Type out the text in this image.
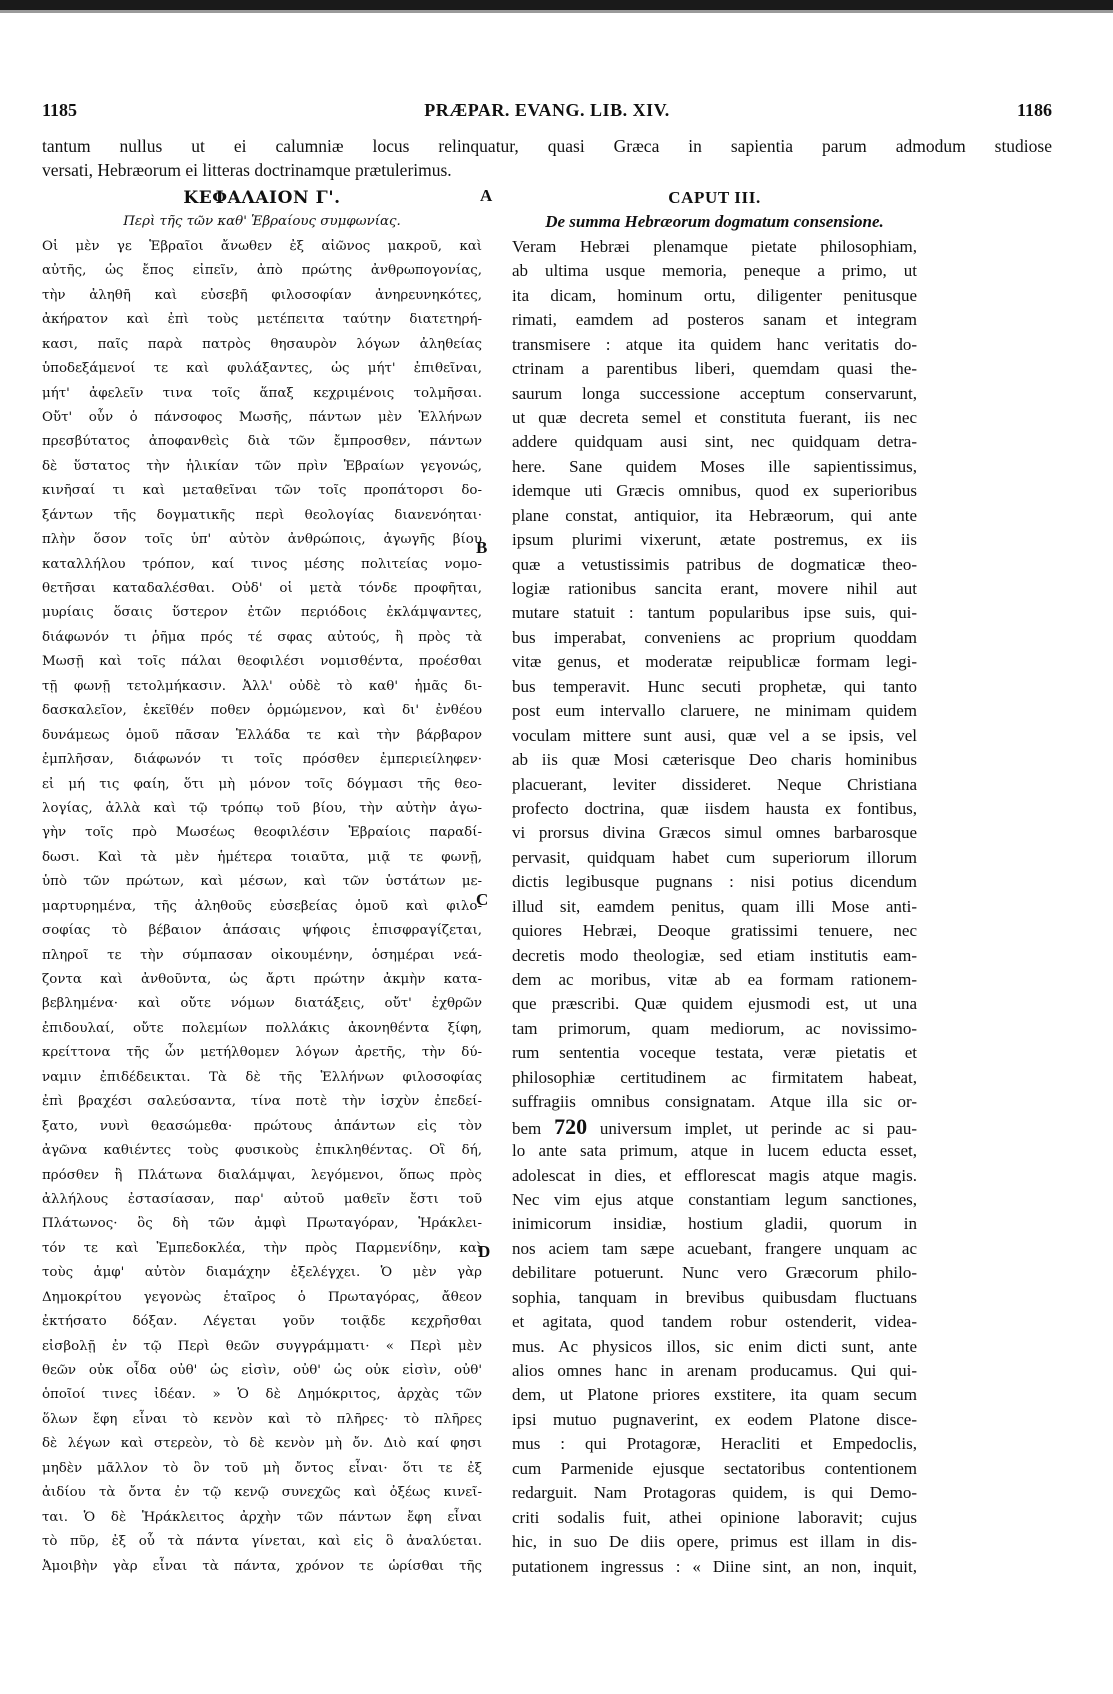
1185	PRÆPAR. EVANG. LIB. XIV.	1186
tantum nullus ut ei calumniæ locus relinquatur, quasi Græca in sapientia parum admodum studiose
versati, Hebræorum ei litteras doctrinamque prætulerimus.
A
B
C
D
ΚΕΦΑΛΑΙΟΝ Γ'.
Περὶ τῆς τῶν καθ' Ἑβραίους συμφωνίας.
Οἱ μὲν γε Ἑβραῖοι ἄνωθεν ἐξ αἰῶνος μακροῦ, καὶ
αὐτῆς, ὡς ἔπος εἰπεῖν, ἀπὸ πρώτης ἀνθρωπογονίας,
τὴν ἀληθῆ καὶ εὐσεβῆ φιλοσοφίαν ἀνηρευνηκότες,
ἀκήρατον καὶ ἐπὶ τοὺς μετέπειτα ταύτην διατετηρή-
κασι, παῖς παρὰ πατρὸς θησαυρὸν λόγων ἀληθείας
ὑποδεξάμενοί τε καὶ φυλάξαντες, ὡς μήτ' ἐπιθεῖναι,
μήτ' ἀφελεῖν τινα τοῖς ἅπαξ κεχριμένοις τολμῆσαι.
Οὔτ' οὖν ὁ πάνσοφος Μωσῆς, πάντων μὲν Ἑλλήνων
πρεσβύτατος ἀποφανθεὶς διὰ τῶν ἔμπροσθεν, πάντων
δὲ ὕστατος τὴν ἡλικίαν τῶν πρὶν Ἑβραίων γεγονώς,
κινῆσαί τι καὶ μεταθεῖναι τῶν τοῖς προπάτορσι δο-
ξάντων τῆς δογματικῆς περὶ θεολογίας διανενόηται·
πλὴν ὅσον τοῖς ὑπ' αὐτὸν ἀνθρώποις, ἀγωγῆς βίου
καταλλήλου τρόπον, καί τινος μέσης πολιτείας νομο-
θετῆσαι καταδαλέσθαι. Οὐδ' οἱ μετὰ τόνδε προφῆται,
μυρίαις ὅσαις ὕστερον ἐτῶν περιόδοις ἐκλάμψαντες,
διάφωνόν τι ῥῆμα πρός τέ σφας αὐτούς, ἢ πρὸς τὰ
Μωσῇ καὶ τοῖς πάλαι θεοφιλέσι νομισθέντα, προέσθαι
τῇ φωνῇ τετολμήκασιν. Ἀλλ' οὐδὲ τὸ καθ' ἡμᾶς δι-
δασκαλεῖον, ἐκεῖθέν ποθεν ὁρμώμενον, καὶ δι' ἐνθέου
δυνάμεως ὁμοῦ πᾶσαν Ἑλλάδα τε καὶ τὴν βάρβαρον
ἐμπλῆσαν, διάφωνόν τι τοῖς πρόσθεν ἐμπεριείληφεν·
εἰ μή τις φαίη, ὅτι μὴ μόνον τοῖς δόγμασι τῆς θεο-
λογίας, ἀλλὰ καὶ τῷ τρόπῳ τοῦ βίου, τὴν αὐτὴν ἀγω-
γὴν τοῖς πρὸ Μωσέως θεοφιλέσιν Ἑβραίοις παραδί-
δωσι. Καὶ τὰ μὲν ἡμέτερα τοιαῦτα, μιᾷ τε φωνῇ,
ὑπὸ τῶν πρώτων, καὶ μέσων, καὶ τῶν ὑστάτων με-
μαρτυρημένα, τῆς ἀληθοῦς εὐσεβείας ὁμοῦ καὶ φιλο-
σοφίας τὸ βέβαιον ἁπάσαις ψήφοις ἐπισφραγίζεται,
πληροῖ τε τὴν σύμπασαν οἰκουμένην, ὁσημέραι νεά-
ζοντα καὶ ἀνθοῦντα, ὡς ἄρτι πρώτην ἀκμὴν κατα-
βεβλημένα· καὶ οὔτε νόμων διατάξεις, οὔτ' ἐχθρῶν
ἐπιδουλαί, οὔτε πολεμίων πολλάκις ἀκονηθέντα ξίφη,
κρείττονα τῆς ὧν μετήλθομεν λόγων ἀρετῆς, τὴν δύ-
ναμιν ἐπιδέδεικται. Τὰ δὲ τῆς Ἑλλήνων φιλοσοφίας
ἐπὶ βραχέσι σαλεύσαντα, τίνα ποτὲ τὴν ἰσχὺν ἐπεδεί-
ξατο, νυνὶ θεασώμεθα· πρώτους ἁπάντων εἰς τὸν
ἀγῶνα καθιέντες τοὺς φυσικοὺς ἐπικληθέντας. Οἳ δή,
πρόσθεν ἢ Πλάτωνα διαλάμψαι, λεγόμενοι, ὅπως πρὸς
ἀλλήλους ἐστασίασαν, παρ' αὐτοῦ μαθεῖν ἔστι τοῦ
Πλάτωνος· ὃς δὴ τῶν ἀμφὶ Πρωταγόραν, Ἡράκλει-
τόν τε καὶ Ἐμπεδοκλέα, τὴν πρὸς Παρμενίδην, καὶ
τοὺς ἀμφ' αὐτὸν διαμάχην ἐξελέγχει. Ὁ μὲν γὰρ
Δημοκρίτου γεγονὼς ἑταῖρος ὁ Πρωταγόρας, ἄθεον
ἐκτήσατο δόξαν. Λέγεται γοῦν τοιᾷδε κεχρῆσθαι
εἰσβολῇ ἐν τῷ Περὶ θεῶν συγγράμματι· « Περὶ μὲν
θεῶν οὐκ οἶδα οὐθ' ὡς εἰσὶν, οὐθ' ὡς οὐκ εἰσὶν, οὐθ'
ὁποῖοί τινες ἰδέαν. » Ὁ δὲ Δημόκριτος, ἀρχὰς τῶν
ὅλων ἔφη εἶναι τὸ κενὸν καὶ τὸ πλῆρες· τὸ πλῆρες
δὲ λέγων καὶ στερεὸν, τὸ δὲ κενὸν μὴ ὄν. Διὸ καί φησι
μηδὲν μᾶλλον τὸ ὂν τοῦ μὴ ὄντος εἶναι· ὅτι τε ἐξ
ἀιδίου τὰ ὄντα ἐν τῷ κενῷ συνεχῶς καὶ ὀξέως κινεῖ-
ται. Ὁ δὲ Ἡράκλειτος ἀρχὴν τῶν πάντων ἔφη εἶναι
τὸ πῦρ, ἐξ οὗ τὰ πάντα γίνεται, καὶ εἰς ὃ ἀναλύεται.
Ἀμοιβὴν γὰρ εἶναι τὰ πάντα, χρόνον τε ὡρίσθαι τῆς
CAPUT III.
De summa Hebræorum dogmatum consensione.
Veram Hebræi plenamque pietate philosophiam,
ab ultima usque memoria, peneque a primo, ut
ita dicam, hominum ortu, diligenter penitusque
rimati, eamdem ad posteros sanam et integram
transmisere : atque ita quidem hanc veritatis do-
ctrinam a parentibus liberi, quemdam quasi the-
saurum longa successione acceptum conservarunt,
ut quæ decreta semel et constituta fuerant, iis nec
addere quidquam ausi sint, nec quidquam detra-
here. Sane quidem Moses ille sapientissimus,
idemque uti Græcis omnibus, quod ex superioribus
plane constat, antiquior, ita Hebræorum, qui ante
ipsum plurimi vixerunt, ætate postremus, ex iis
quæ a vetustissimis patribus de dogmaticæ theo-
logiæ rationibus sancita erant, movere nihil aut
mutare statuit : tantum popularibus ipse suis, qui-
bus imperabat, conveniens ac proprium quoddam
vitæ genus, et moderatæ reipublicæ formam legi-
bus temperavit. Hunc secuti prophetæ, qui tanto
post eum intervallo claruere, ne minimam quidem
voculam mittere sunt ausi, quæ vel a se ipsis, vel
ab iis quæ Mosi cæterisque Deo charis hominibus
placuerant, leviter dissideret. Neque Christiana
profecto doctrina, quæ iisdem hausta ex fontibus,
vi prorsus divina Græcos simul omnes barbarosque
pervasit, quidquam habet cum superiorum illorum
dictis legibusque pugnans : nisi potius dicendum
illud sit, eamdem penitus, quam illi Mose anti-
quiores Hebræi, Deoque gratissimi tenuere, nec
decretis modo theologiæ, sed etiam institutis eam-
dem ac moribus, vitæ ab ea formam rationem-
que præscribi. Quæ quidem ejusmodi est, ut una
tam primorum, quam mediorum, ac novissimo-
rum sententia voceque testata, veræ pietatis et
philosophiæ certitudinem ac firmitatem habeat,
suffragiis omnibus consignatam. Atque illa sic or-
bem 720 universum implet, ut perinde ac si pau-
lo ante sata primum, atque in lucem educta esset,
adolescat in dies, et efflorescat magis atque magis.
Nec vim ejus atque constantiam legum sanctiones,
inimicorum insidiæ, hostium gladii, quorum in
nos aciem tam sæpe acuebant, frangere unquam ac
debilitare potuerunt. Nunc vero Græcorum philo-
sophia, tanquam in brevibus quibusdam fluctuans
et agitata, quod tandem robur ostenderit, videa-
mus. Ac physicos illos, sic enim dicti sunt, ante
alios omnes hanc in arenam producamus. Qui qui-
dem, ut Platone priores exstitere, ita quam secum
ipsi mutuo pugnaverint, ex eodem Platone disce-
mus : qui Protagoræ, Heracliti et Empedoclis,
cum Parmenide ejusque sectatoribus contentionem
redarguit. Nam Protagoras quidem, is qui Demo-
criti sodalis fuit, athei opinione laboravit; cujus
hic, in suo De diis opere, primus est illam in dis-
putationem ingressus : « Diine sint, an non, inquit,
